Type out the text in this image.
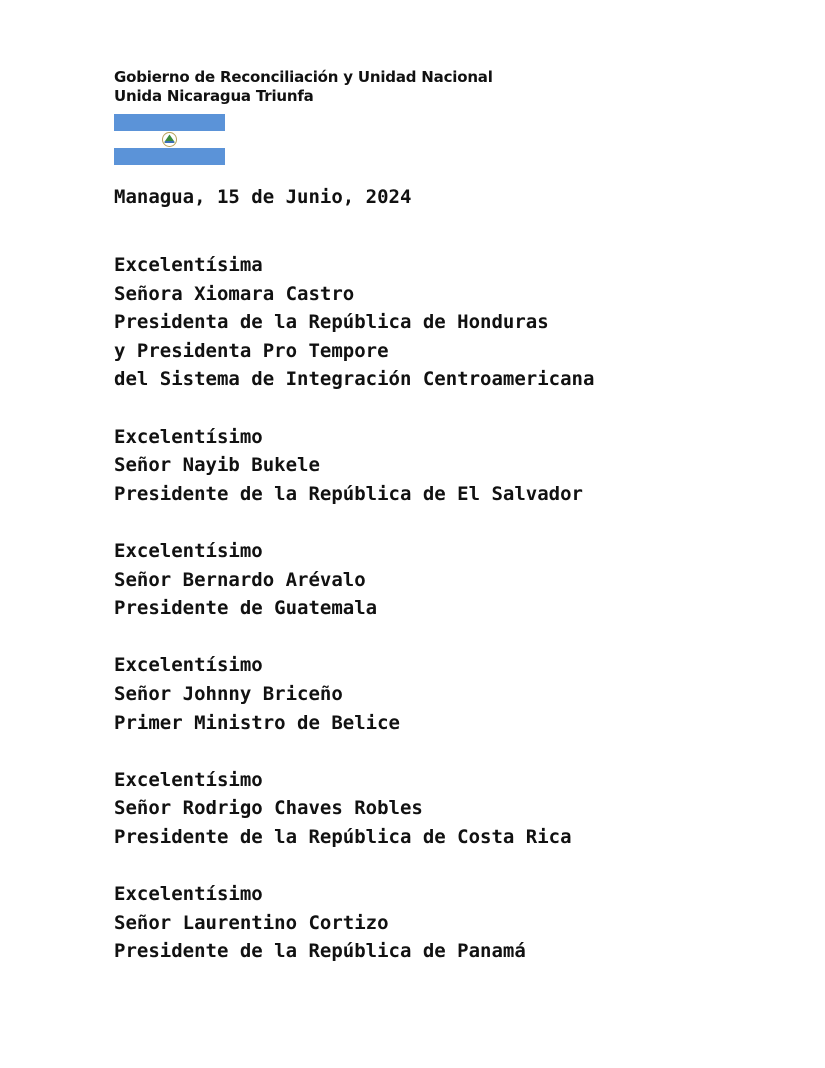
Gobierno de Reconciliación y Unidad Nacional
Unida Nicaragua Triunfa
Managua, 15 de Junio, 2024
Excelentísima
Señora Xiomara Castro
Presidenta de la República de Honduras
y Presidenta Pro Tempore
del Sistema de Integración Centroamericana
Excelentísimo
Señor Nayib Bukele
Presidente de la República de El Salvador
Excelentísimo
Señor Bernardo Arévalo
Presidente de Guatemala
Excelentísimo
Señor Johnny Briceño
Primer Ministro de Belice
Excelentísimo
Señor Rodrigo Chaves Robles
Presidente de la República de Costa Rica
Excelentísimo
Señor Laurentino Cortizo
Presidente de la República de Panamá
